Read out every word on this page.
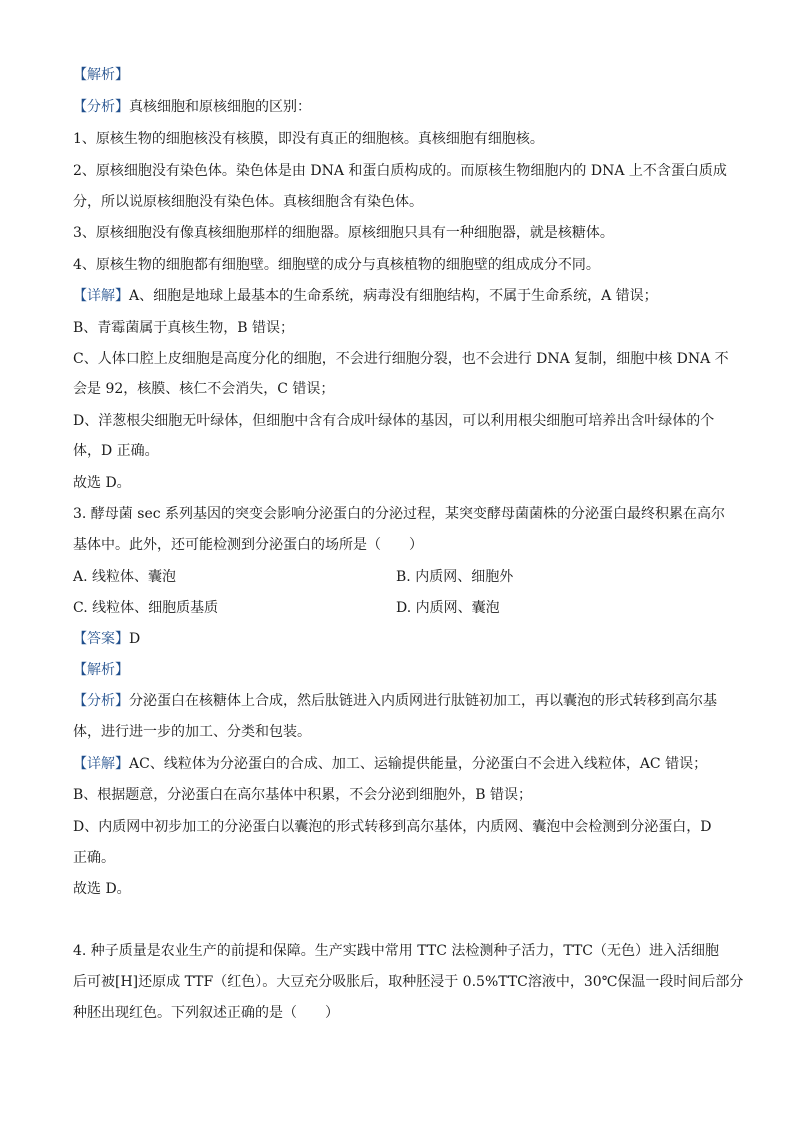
【解析】
【分析】真核细胞和原核细胞的区别：
1、原核生物的细胞核没有核膜，即没有真正的细胞核。真核细胞有细胞核。
2、原核细胞没有染色体。染色体是由 DNA 和蛋白质构成的。而原核生物细胞内的 DNA 上不含蛋白质成
分，所以说原核细胞没有染色体。真核细胞含有染色体。
3、原核细胞没有像真核细胞那样的细胞器。原核细胞只具有一种细胞器，就是核糖体。
4、原核生物的细胞都有细胞壁。细胞壁的成分与真核植物的细胞壁的组成成分不同。
【详解】A、细胞是地球上最基本的生命系统，病毒没有细胞结构，不属于生命系统，A 错误；
B、青霉菌属于真核生物，B 错误；
C、人体口腔上皮细胞是高度分化的细胞，不会进行细胞分裂，也不会进行 DNA 复制，细胞中核 DNA 不
会是 92，核膜、核仁不会消失，C 错误；
D、洋葱根尖细胞无叶绿体，但细胞中含有合成叶绿体的基因，可以利用根尖细胞可培养出含叶绿体的个
体，D 正确。
故选 D。
3. 酵母菌 sec 系列基因的突变会影响分泌蛋白的分泌过程，某突变酵母菌菌株的分泌蛋白最终积累在高尔
基体中。此外，还可能检测到分泌蛋白的场所是（　　）
A. 线粒体、囊泡	B. 内质网、细胞外
C. 线粒体、细胞质基质	D. 内质网、囊泡
【答案】D
【解析】
【分析】分泌蛋白在核糖体上合成，然后肽链进入内质网进行肽链初加工，再以囊泡的形式转移到高尔基
体，进行进一步的加工、分类和包装。
【详解】AC、线粒体为分泌蛋白的合成、加工、运输提供能量，分泌蛋白不会进入线粒体，AC 错误；
B、根据题意，分泌蛋白在高尔基体中积累，不会分泌到细胞外，B 错误；
D、内质网中初步加工的分泌蛋白以囊泡的形式转移到高尔基体，内质网、囊泡中会检测到分泌蛋白，D
正确。
故选 D。
4. 种子质量是农业生产的前提和保障。生产实践中常用 TTC 法检测种子活力，TTC（无色）进入活细胞
后可被[H]还原成 TTF（红色）。大豆充分吸胀后，取种胚浸于 0.5%TTC溶液中，30℃保温一段时间后部分
种胚出现红色。下列叙述正确的是（　　）
